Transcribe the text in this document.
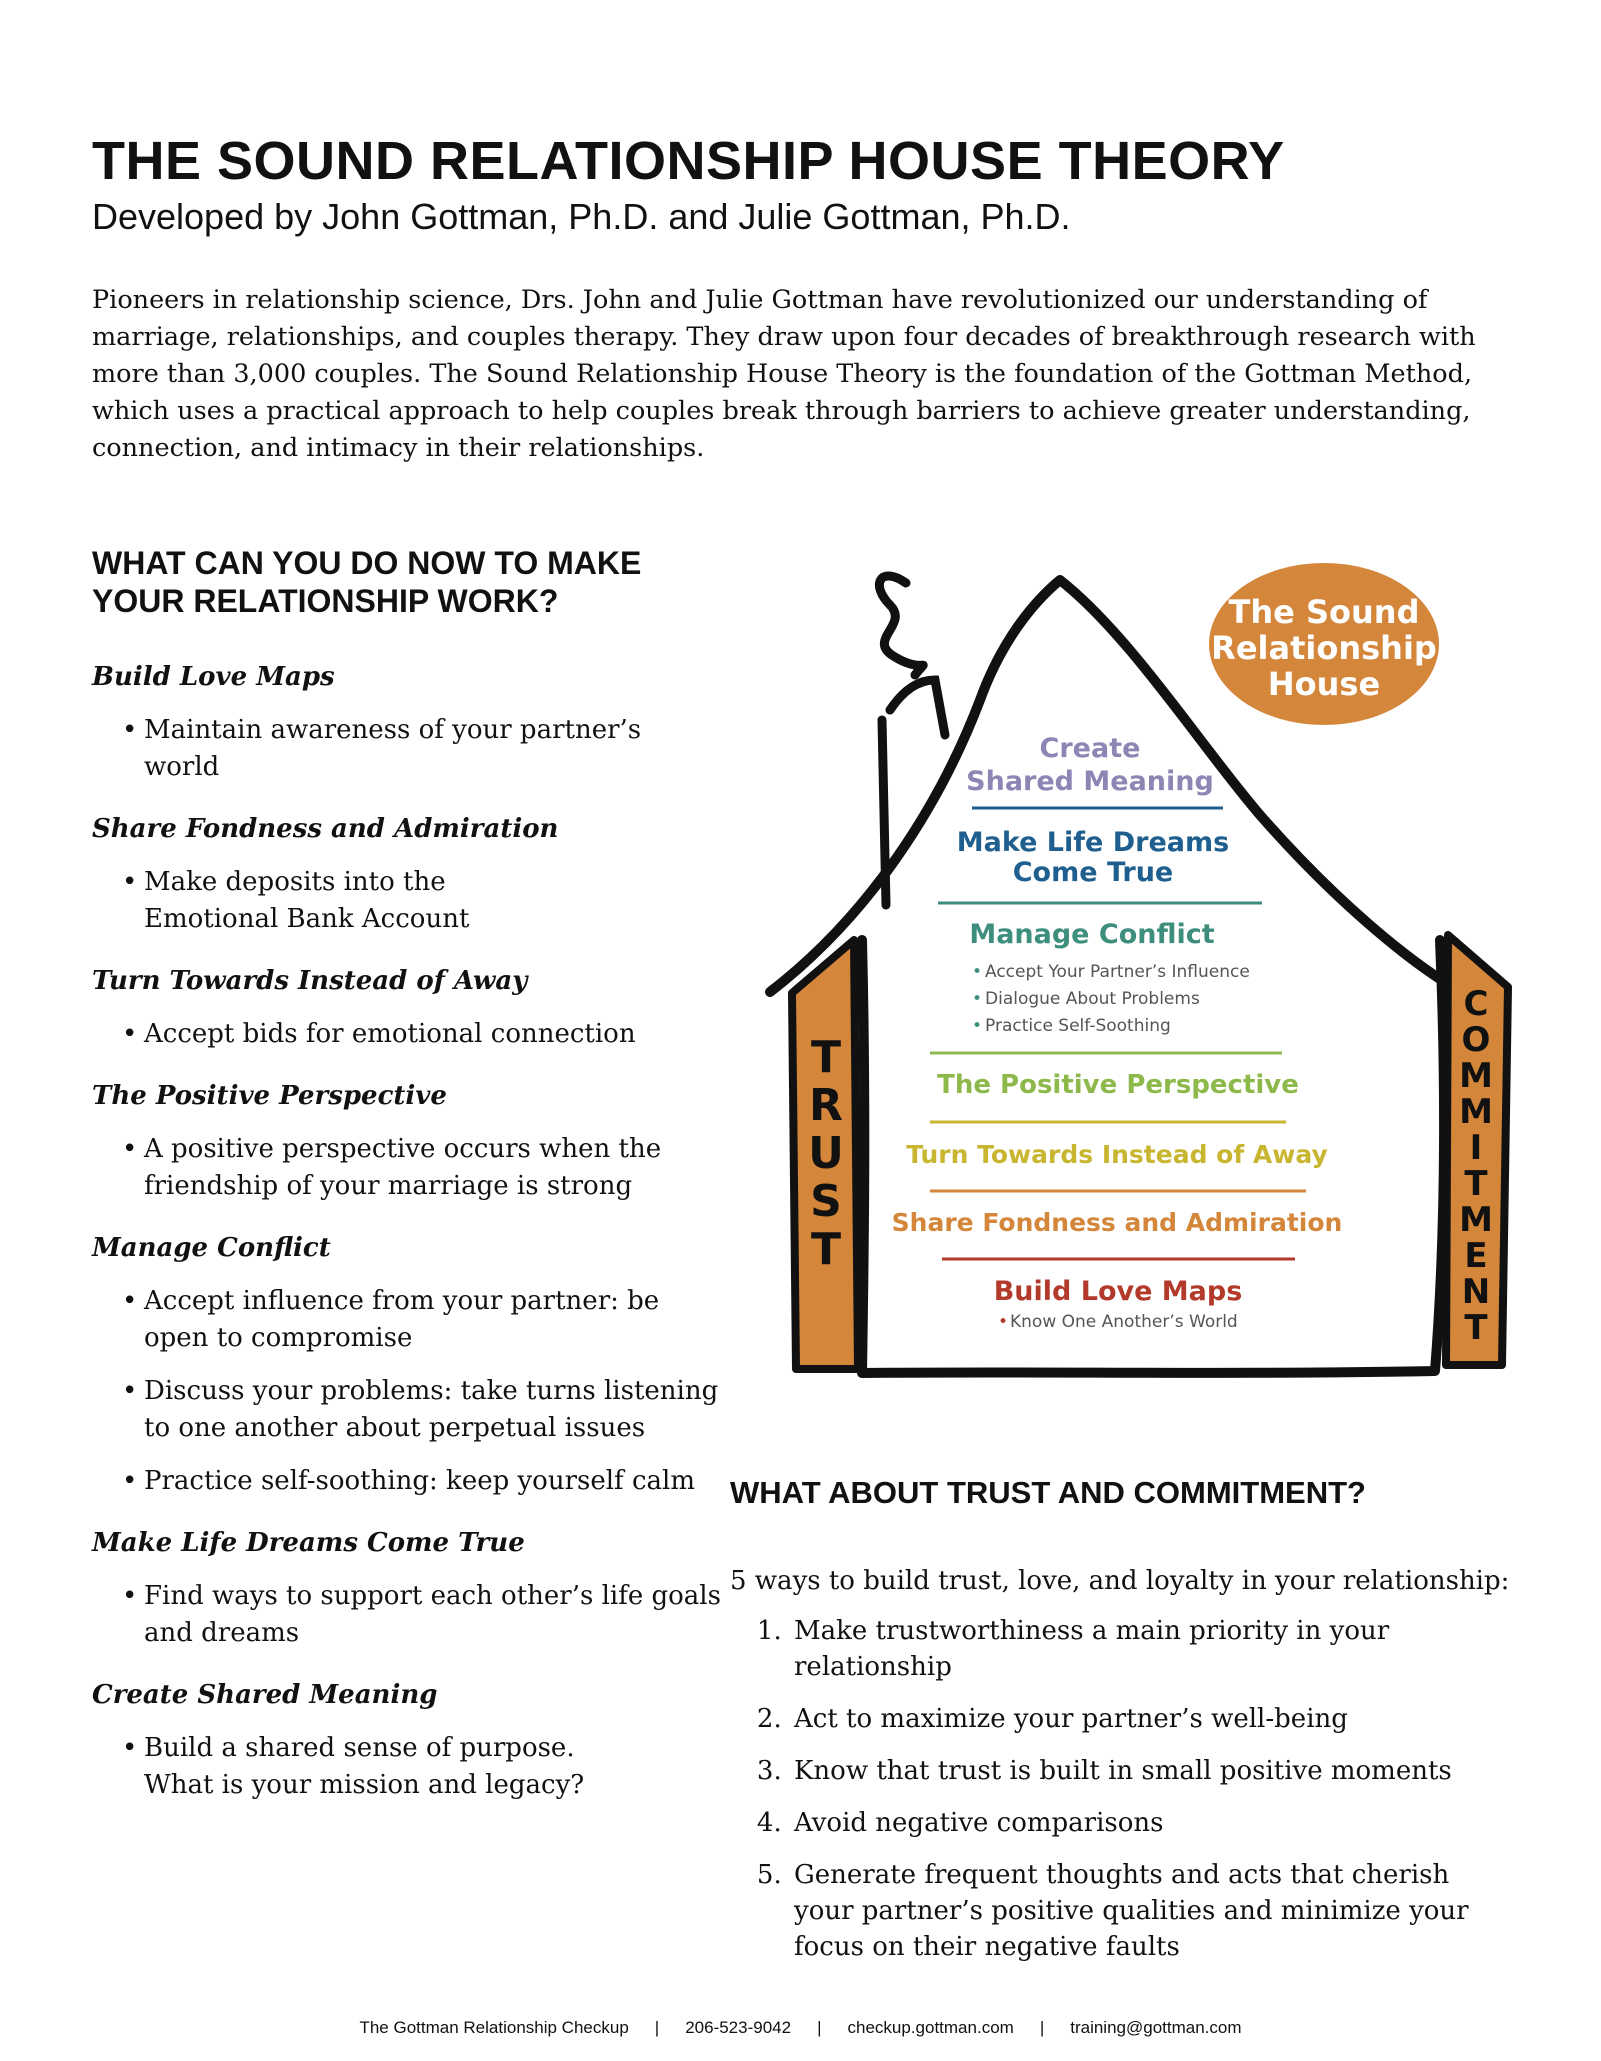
THE SOUND RELATIONSHIP HOUSE THEORY
Developed by John Gottman, Ph.D. and Julie Gottman, Ph.D.

Pioneers in relationship science, Drs. John and Julie Gottman have revolutionized our understanding of marriage, relationships, and couples therapy. They draw upon four decades of breakthrough research with more than 3,000 couples. The Sound Relationship House Theory is the foundation of the Gottman Method, which uses a practical approach to help couples break through barriers to achieve greater understanding, connection, and intimacy in their relationships.

WHAT CAN YOU DO NOW TO MAKE YOUR RELATIONSHIP WORK?
Build Love Maps
• Maintain awareness of your partner’s world
Share Fondness and Admiration
• Make deposits into the Emotional Bank Account
Turn Towards Instead of Away
• Accept bids for emotional connection
The Positive Perspective
• A positive perspective occurs when the friendship of your marriage is strong
Manage Conflict
• Accept influence from your partner: be open to compromise
• Discuss your problems: take turns listening to one another about perpetual issues
• Practice self-soothing: keep yourself calm
Make Life Dreams Come True
• Find ways to support each other’s life goals and dreams
Create Shared Meaning
• Build a shared sense of purpose. What is your mission and legacy?
T
R
U
S
T
C
O
M
M
I
T
M
E
N
T
The Sound
Relationship
House
Create
Shared Meaning
Make Life Dreams
Come True
Manage Conflict
• Accept Your Partner’s Influence
• Dialogue About Problems
• Practice Self-Soothing
The Positive Perspective
Turn Towards Instead of Away
Share Fondness and Admiration
Build Love Maps
• Know One Another’s World
WHAT ABOUT TRUST AND COMMITMENT?

5 ways to build trust, love, and loyalty in your relationship:

1. Make trustworthiness a main priority in your relationship
2. Act to maximize your partner’s well-being
3. Know that trust is built in small positive moments
4. Avoid negative comparisons
5. Generate frequent thoughts and acts that cherish your partner’s positive qualities and minimize your focus on their negative faults
The Gottman Relationship Checkup | 206-523-9042 | checkup.gottman.com | training@gottman.com
